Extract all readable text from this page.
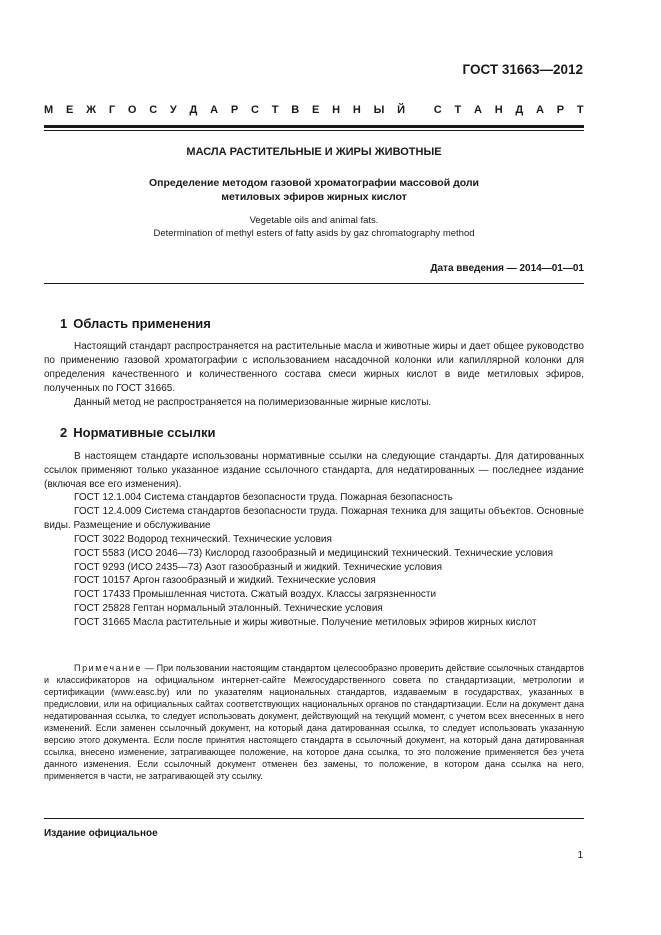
ГОСТ 31663—2012
М Е Ж Г О С У Д А Р С Т В Е Н Н Ы Й
	С Т А Н Д А Р Т
МАСЛА РАСТИТЕЛЬНЫЕ И ЖИРЫ ЖИВОТНЫЕ
Определение методом газовой хроматографии массовой доли
метиловых эфиров жирных кислот
Vegetable oils and animal fats.
Determination of methyl esters of fatty asids by gaz chromatography method
Дата введения — 2014—01—01
1 Область применения

Настоящий стандарт распространяется на растительные масла и животные жиры и дает общее руководство по применению газовой хроматографии с использованием насадочной колонки или капиллярной колонки для определения качественного и количественного состава смеси жирных кислот в виде метиловых эфиров, полученных по ГОСТ 31665.

Данный метод не распространяется на полимеризованные жирные кислоты.

2 Нормативные ссылки

В настоящем стандарте использованы нормативные ссылки на следующие стандарты. Для датированных ссылок применяют только указанное издание ссылочного стандарта, для недатированных — последнее издание (включая все его изменения).

ГОСТ 12.1.004 Система стандартов безопасности труда. Пожарная безопасность
ГОСТ 12.4.009 Система стандартов безопасности труда. Пожарная техника для защиты объектов. Основные виды. Размещение и обслуживание
ГОСТ 3022 Водород технический. Технические условия
ГОСТ 5583 (ИСО 2046—73) Кислород газообразный и медицинский технический. Технические условия
ГОСТ 9293 (ИСО 2435—73) Азот газообразный и жидкий. Технические условия
ГОСТ 10157 Аргон газообразный и жидкий. Технические условия
ГОСТ 17433 Промышленная чистота. Сжатый воздух. Классы загрязненности
ГОСТ 25828 Гептан нормальный эталонный. Технические условия
ГОСТ 31665 Масла растительные и жиры животные. Получение метиловых эфиров жирных кислот

Примечание — При пользовании настоящим стандартом целесообразно проверить действие ссылочных стандартов и классификаторов на официальном интернет-сайте Межгосударственного совета по стандартизации, метрологии и сертификации (www.easc.by) или по указателям национальных стандартов, издаваемым в государствах, указанных в предисловии, или на официальных сайтах соответствующих национальных органов по стандартизации. Если на документ дана недатированная ссылка, то следует использовать документ, действующий на текущий момент, с учетом всех внесенных в него изменений. Если заменен ссылочный документ, на который дана датированная ссылка, то следует использовать указанную версию этого документа. Если после принятия настоящего стандарта в ссылочный документ, на который дана датированная ссылка, внесено изменение, затрагивающее положение, на которое дана ссылка, то это положение применяется без учета данного изменения. Если ссылочный документ отменен без замены, то положение, в котором дана ссылка на него, применяется в части, не затрагивающей эту ссылку.

Издание официальное
1
